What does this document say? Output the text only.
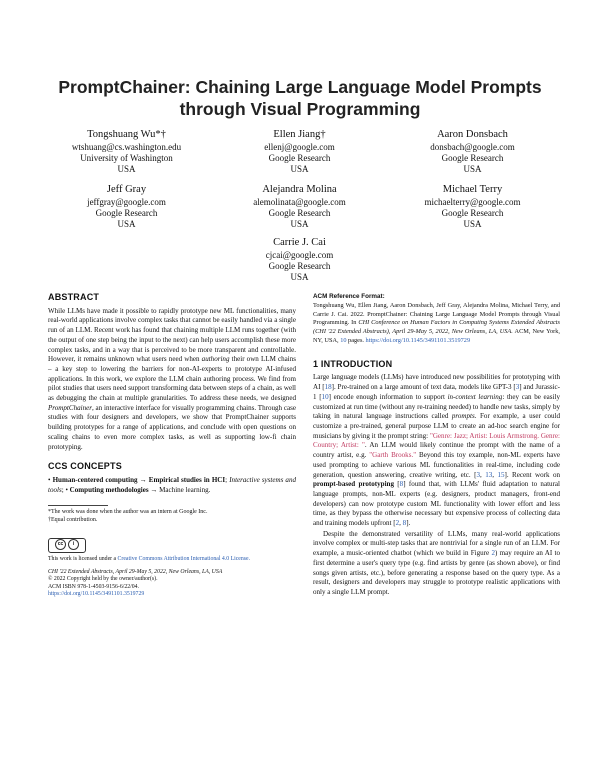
PromptChainer: Chaining Large Language Model Prompts
through Visual Programming
Tongshuang Wu*†
wtshuang@cs.washington.edu
University of Washington
USA
Ellen Jiang†
ellenj@google.com
Google Research
USA
Aaron Donsbach
donsbach@google.com
Google Research
USA
Jeff Gray
jeffgray@google.com
Google Research
USA
Alejandra Molina
alemolinata@google.com
Google Research
USA
Michael Terry
michaelterry@google.com
Google Research
USA
Carrie J. Cai
cjcai@google.com
Google Research
USA
ABSTRACT

While LLMs have made it possible to rapidly prototype new ML functionalities, many real-world applications involve complex tasks that cannot be easily handled via a single run of an LLM. Recent work has found that chaining multiple LLM runs together (with the output of one step being the input to the next) can help users accomplish these more complex tasks, and in a way that is perceived to be more transparent and controllable. However, it remains unknown what users need when authoring their own LLM chains – a key step to lowering the barriers for non-AI-experts to prototype AI-infused applications. In this work, we explore the LLM chain authoring process. We find from pilot studies that users need support transforming data between steps of a chain, as well as debugging the chain at multiple granularities. To address these needs, we designed PromptChainer, an interactive interface for visually programming chains. Through case studies with four designers and developers, we show that PromptChainer supports building prototypes for a range of applications, and conclude with open questions on scaling chains to even more complex tasks, as well as supporting low-fi chain prototyping.

CCS CONCEPTS

• Human-centered computing → Empirical studies in HCI; Interactive systems and tools; • Computing methodologies → Machine learning.

*The work was done when the author was an intern at Google Inc.
†Equal contribution.
cc i
This work is licensed under a Creative Commons Attribution International 4.0 License.
CHI '22 Extended Abstracts, April 29-May 5, 2022, New Orleans, LA, USA
© 2022 Copyright held by the owner/author(s).
ACM ISBN 978-1-4503-9156-6/22/04.
https://doi.org/10.1145/3491101.3519729
ACM Reference Format:

Tongshuang Wu, Ellen Jiang, Aaron Donsbach, Jeff Gray, Alejandra Molina, Michael Terry, and Carrie J. Cai. 2022. PromptChainer: Chaining Large Language Model Prompts through Visual Programming. In CHI Conference on Human Factors in Computing Systems Extended Abstracts (CHI '22 Extended Abstracts), April 29-May 5, 2022, New Orleans, LA, USA. ACM, New York, NY, USA, 10 pages. https://doi.org/10.1145/3491101.3519729

1 INTRODUCTION

Large language models (LLMs) have introduced new possibilities for prototyping with AI [18]. Pre-trained on a large amount of text data, models like GPT-3 [3] and Jurassic-1 [10] encode enough information to support in-context learning: they can be easily customized at run time (without any re-training needed) to handle new tasks, simply by taking in natural language instructions called prompts. For example, a user could customize a pre-trained, general purpose LLM to create an ad-hoc search engine for musicians by giving it the prompt string: "Genre: Jazz; Artist: Louis Armstrong. Genre: Country; Artist: ". An LLM would likely continue the prompt with the name of a country artist, e.g. "Garth Brooks." Beyond this toy example, non-ML experts have used prompting to achieve various ML functionalities in real-time, including code generation, question answering, creative writing, etc. [3, 13, 15]. Recent work on prompt-based prototyping [8] found that, with LLMs' fluid adaptation to natural language prompts, non-ML experts (e.g. designers, product managers, front-end developers) can now prototype custom ML functionality with lower effort and less time, as they bypass the otherwise necessary but expensive process of collecting data and training models upfront [2, 8].

Despite the demonstrated versatility of LLMs, many real-world applications involve complex or multi-step tasks that are nontrivial for a single run of an LLM. For example, a music-oriented chatbot (which we build in Figure 2) may require an AI to first determine a user's query type (e.g. find artists by genre (as shown above), or find songs given artists, etc.), before generating a response based on the query type. As a result, designers and developers may struggle to prototype realistic applications with only a single LLM prompt.
